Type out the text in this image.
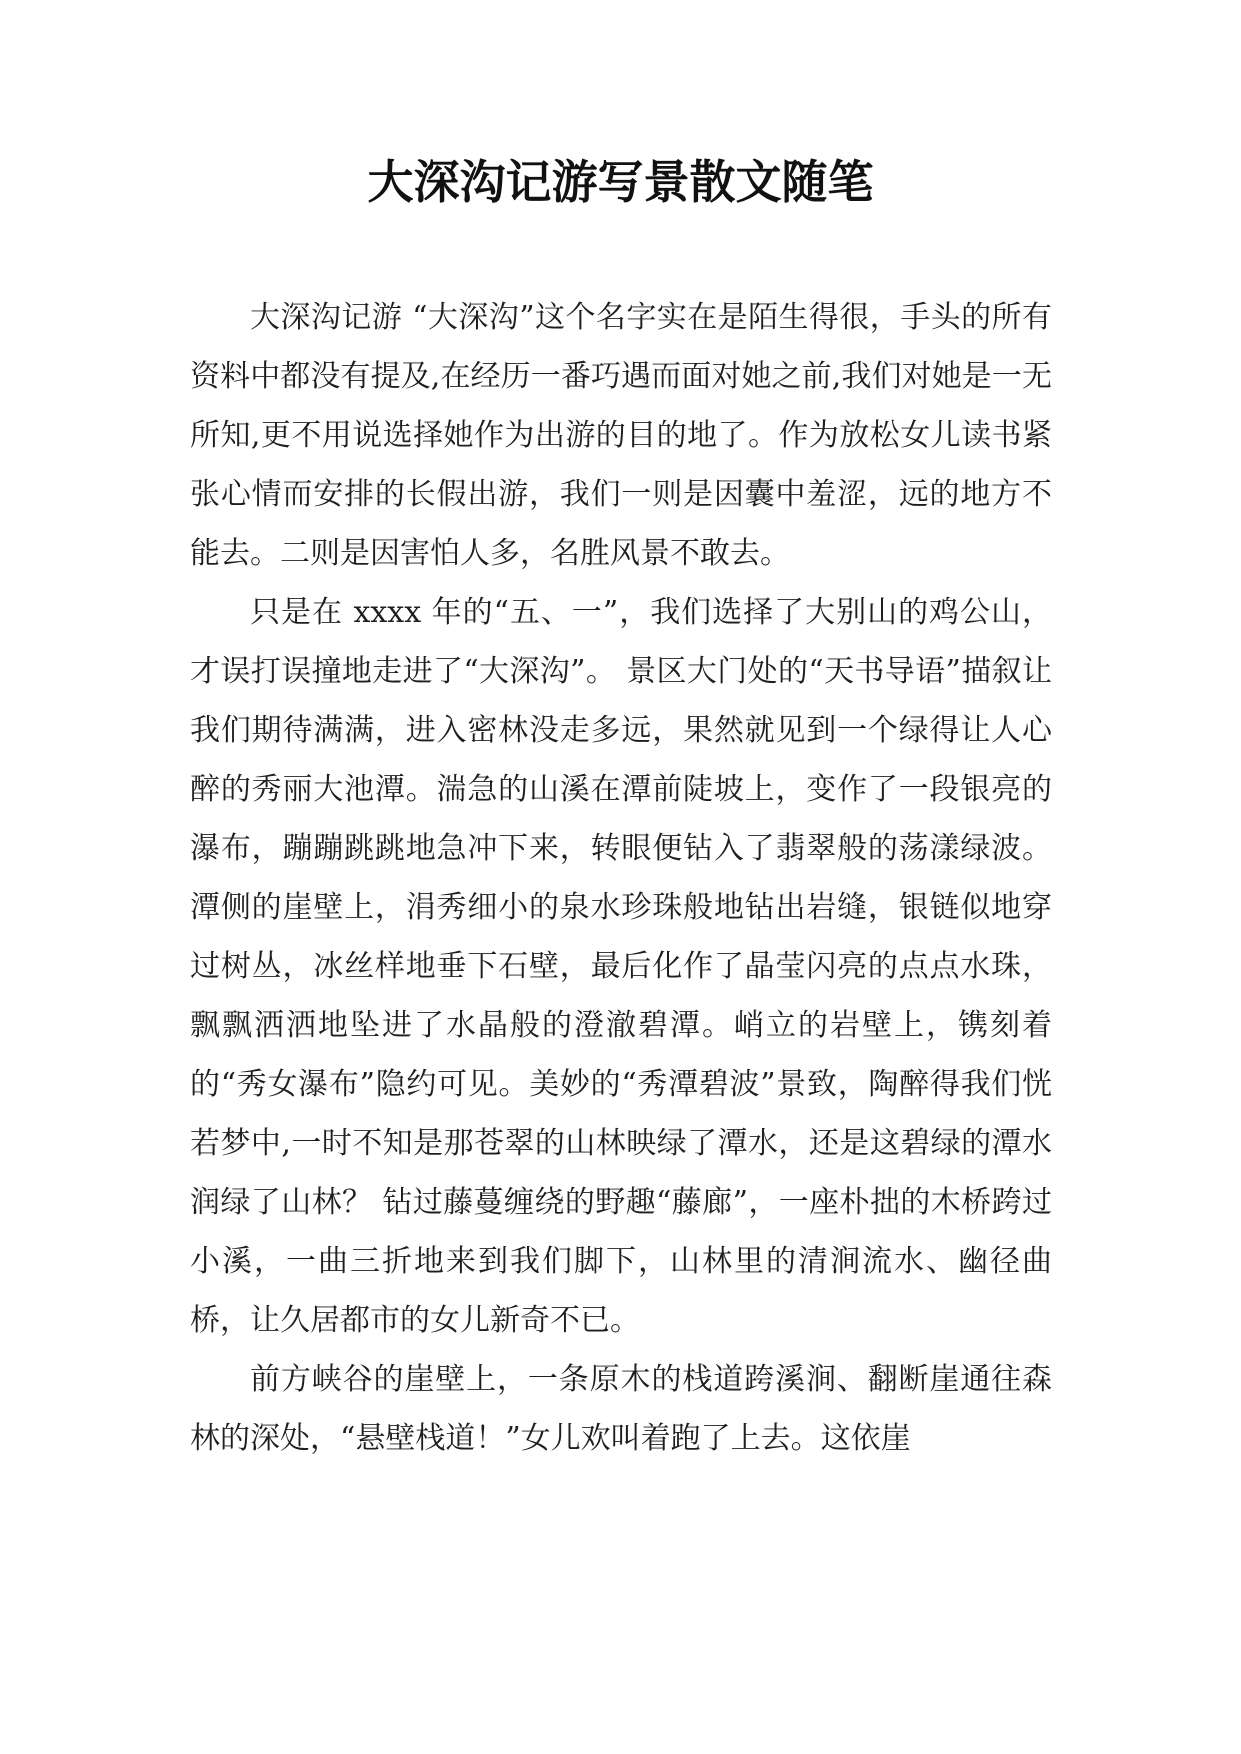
大深沟记游写景散文随笔

大深沟记游 “大深沟”这个名字实在是陌生得很，手头的所有资料中都没有提及,在经历一番巧遇而面对她之前,我们对她是一无所知,更不用说选择她作为出游的目的地了。作为放松女儿读书紧张心情而安排的长假出游，我们一则是因囊中羞涩，远的地方不能去。二则是因害怕人多，名胜风景不敢去。

只是在 xxxx 年的“五、一”，我们选择了大别山的鸡公山，才误打误撞地走进了“大深沟”。 景区大门处的“天书导语”描叙让我们期待满满，进入密林没走多远，果然就见到一个绿得让人心醉的秀丽大池潭。湍急的山溪在潭前陡坡上，变作了一段银亮的瀑布，蹦蹦跳跳地急冲下来，转眼便钻入了翡翠般的荡漾绿波。潭侧的崖壁上，涓秀细小的泉水珍珠般地钻出岩缝，银链似地穿过树丛，冰丝样地垂下石壁，最后化作了晶莹闪亮的点点水珠，飘飘洒洒地坠进了水晶般的澄澈碧潭。峭立的岩壁上，镌刻着的“秀女瀑布”隐约可见。美妙的“秀潭碧波”景致，陶醉得我们恍若梦中,一时不知是那苍翠的山林映绿了潭水，还是这碧绿的潭水润绿了山林？ 钻过藤蔓缠绕的野趣“藤廊”，一座朴拙的木桥跨过小溪，一曲三折地来到我们脚下，山林里的清涧流水、幽径曲桥，让久居都市的女儿新奇不已。

前方峡谷的崖壁上，一条原木的栈道跨溪涧、翻断崖通往森林的深处，“悬壁栈道！”女儿欢叫着跑了上去。这依崖
